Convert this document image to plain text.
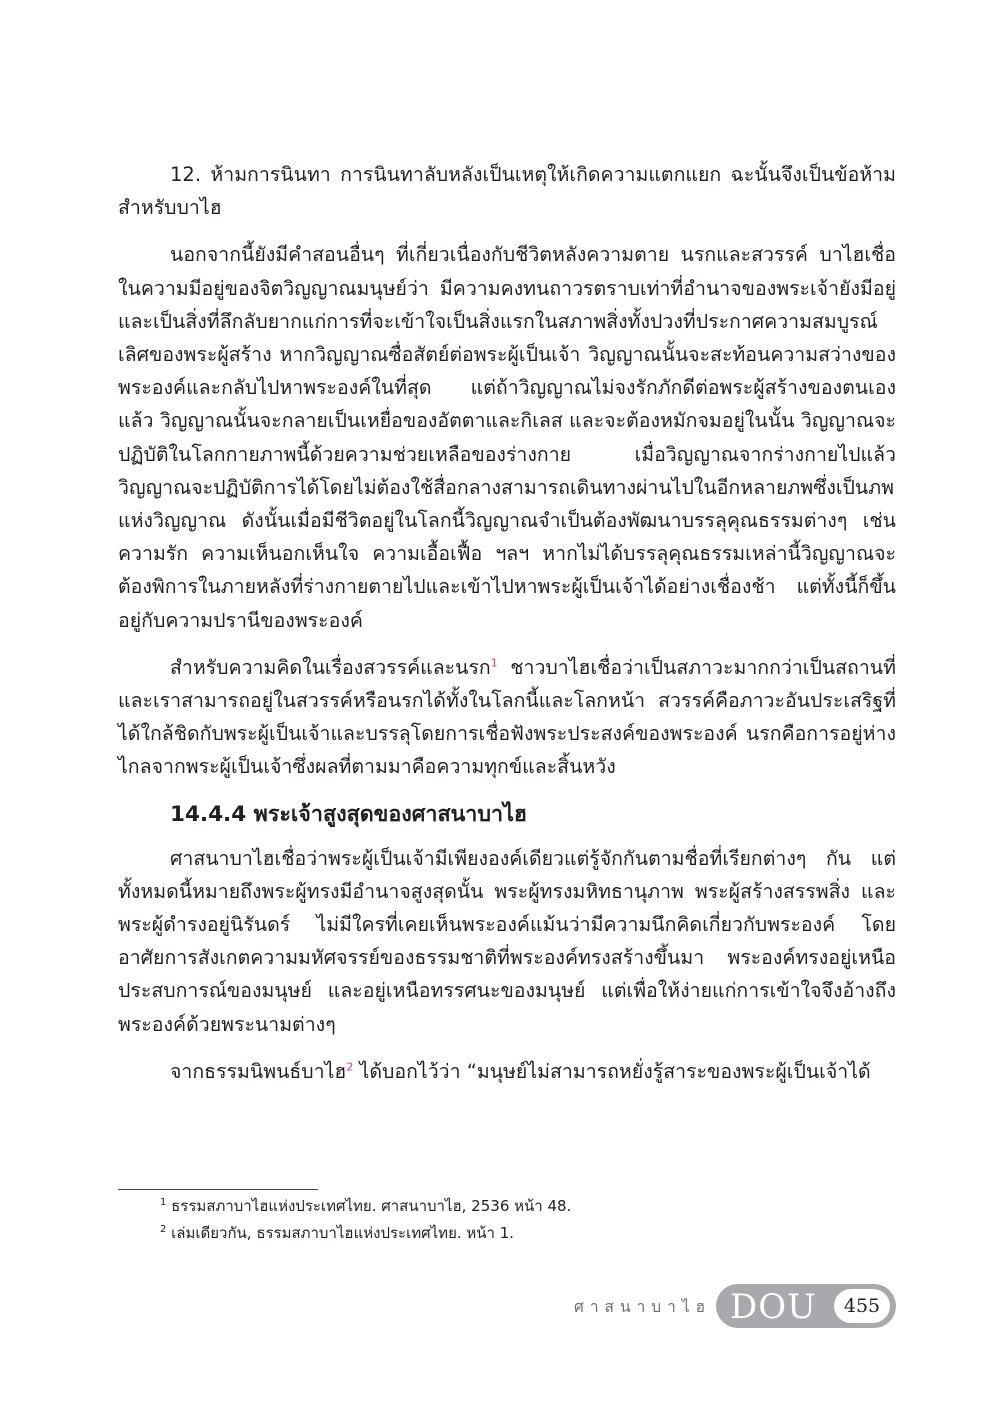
12. ห้ามการนินทา การนินทาลับหลังเป็นเหตุให้เกิดความแตกแยก ฉะนั้นจึงเป็นข้อห้ามสำหรับบาไฮ

นอกจากนี้ยังมีคำสอนอื่นๆ ที่เกี่ยวเนื่องกับชีวิตหลังความตาย นรกและสวรรค์ บาไฮเชื่อในความมีอยู่ของจิตวิญญาณมนุษย์ว่า มีความคงทนถาวรตราบเท่าที่อำนาจของพระเจ้ายังมีอยู่ และเป็นสิ่งที่ลึกลับยากแก่การที่จะเข้าใจเป็นสิ่งแรกในสภาพสิ่งทั้งปวงที่ประกาศความสมบูรณ์เลิศของพระผู้สร้าง หากวิญญาณซื่อสัตย์ต่อพระผู้เป็นเจ้า วิญญาณนั้นจะสะท้อนความสว่างของพระองค์และกลับไปหาพระองค์ในที่สุด แต่ถ้าวิญญาณไม่จงรักภักดีต่อพระผู้สร้างของตนเองแล้ว วิญญาณนั้นจะกลายเป็นเหยื่อของอัตตาและกิเลส และจะต้องหมักจมอยู่ในนั้น วิญญาณจะปฏิบัติในโลกกายภาพนี้ด้วยความช่วยเหลือของร่างกาย เมื่อวิญญาณจากร่างกายไปแล้ววิญญาณจะปฏิบัติการได้โดยไม่ต้องใช้สื่อกลางสามารถเดินทางผ่านไปในอีกหลายภพซึ่งเป็นภพแห่งวิญญาณ ดังนั้นเมื่อมีชีวิตอยู่ในโลกนี้วิญญาณจำเป็นต้องพัฒนาบรรลุคุณธรรมต่างๆ เช่น ความรัก ความเห็นอกเห็นใจ ความเอื้อเฟื้อ ฯลฯ หากไม่ได้บรรลุคุณธรรมเหล่านี้วิญญาณจะต้องพิการในภายหลังที่ร่างกายตายไปและเข้าไปหาพระผู้เป็นเจ้าได้อย่างเชื่องช้า แต่ทั้งนี้ก็ขึ้นอยู่กับความปรานีของพระองค์

สำหรับความคิดในเรื่องสวรรค์และนรก$^1$ ชาวบาไฮเชื่อว่าเป็นสภาวะมากกว่าเป็นสถานที่ และเราสามารถอยู่ในสวรรค์หรือนรกได้ทั้งในโลกนี้และโลกหน้า สวรรค์คือภาวะอันประเสริฐที่ได้ใกล้ชิดกับพระผู้เป็นเจ้าและบรรลุโดยการเชื่อฟังพระประสงค์ของพระองค์ นรกคือการอยู่ห่างไกลจากพระผู้เป็นเจ้าซึ่งผลที่ตามมาคือความทุกข์และสิ้นหวัง

14.4.4 พระเจ้าสูงสุดของศาสนาบาไฮ

ศาสนาบาไฮเชื่อว่าพระผู้เป็นเจ้ามีเพียงองค์เดียวแต่รู้จักกันตามชื่อที่เรียกต่างๆ กัน แต่ทั้งหมดนี้หมายถึงพระผู้ทรงมีอำนาจสูงสุดนั้น พระผู้ทรงมหิทธานุภาพ พระผู้สร้างสรรพสิ่ง และพระผู้ดำรงอยู่นิรันดร์ ไม่มีใครที่เคยเห็นพระองค์แม้นว่ามีความนึกคิดเกี่ยวกับพระองค์ โดยอาศัยการสังเกตความมหัศจรรย์ของธรรมชาติที่พระองค์ทรงสร้างขึ้นมา พระองค์ทรงอยู่เหนือประสบการณ์ของมนุษย์ และอยู่เหนือทรรศนะของมนุษย์ แต่เพื่อให้ง่ายแก่การเข้าใจจึงอ้างถึงพระองค์ด้วยพระนามต่างๆ

จากธรรมนิพนธ์บาไฮ$^2$ ได้บอกไว้ว่า “มนุษย์ไม่สามารถหยั่งรู้สาระของพระผู้เป็นเจ้าได้

$^1$ ธรรมสภาบาไฮแห่งประเทศไทย. ศาสนาบาไฮ, 2536 หน้า 48.
$^2$ เล่มเดียวกัน, ธรรมสภาบาไฮแห่งประเทศไทย. หน้า 1.
ศาสนาบาไฮ DOU	455
